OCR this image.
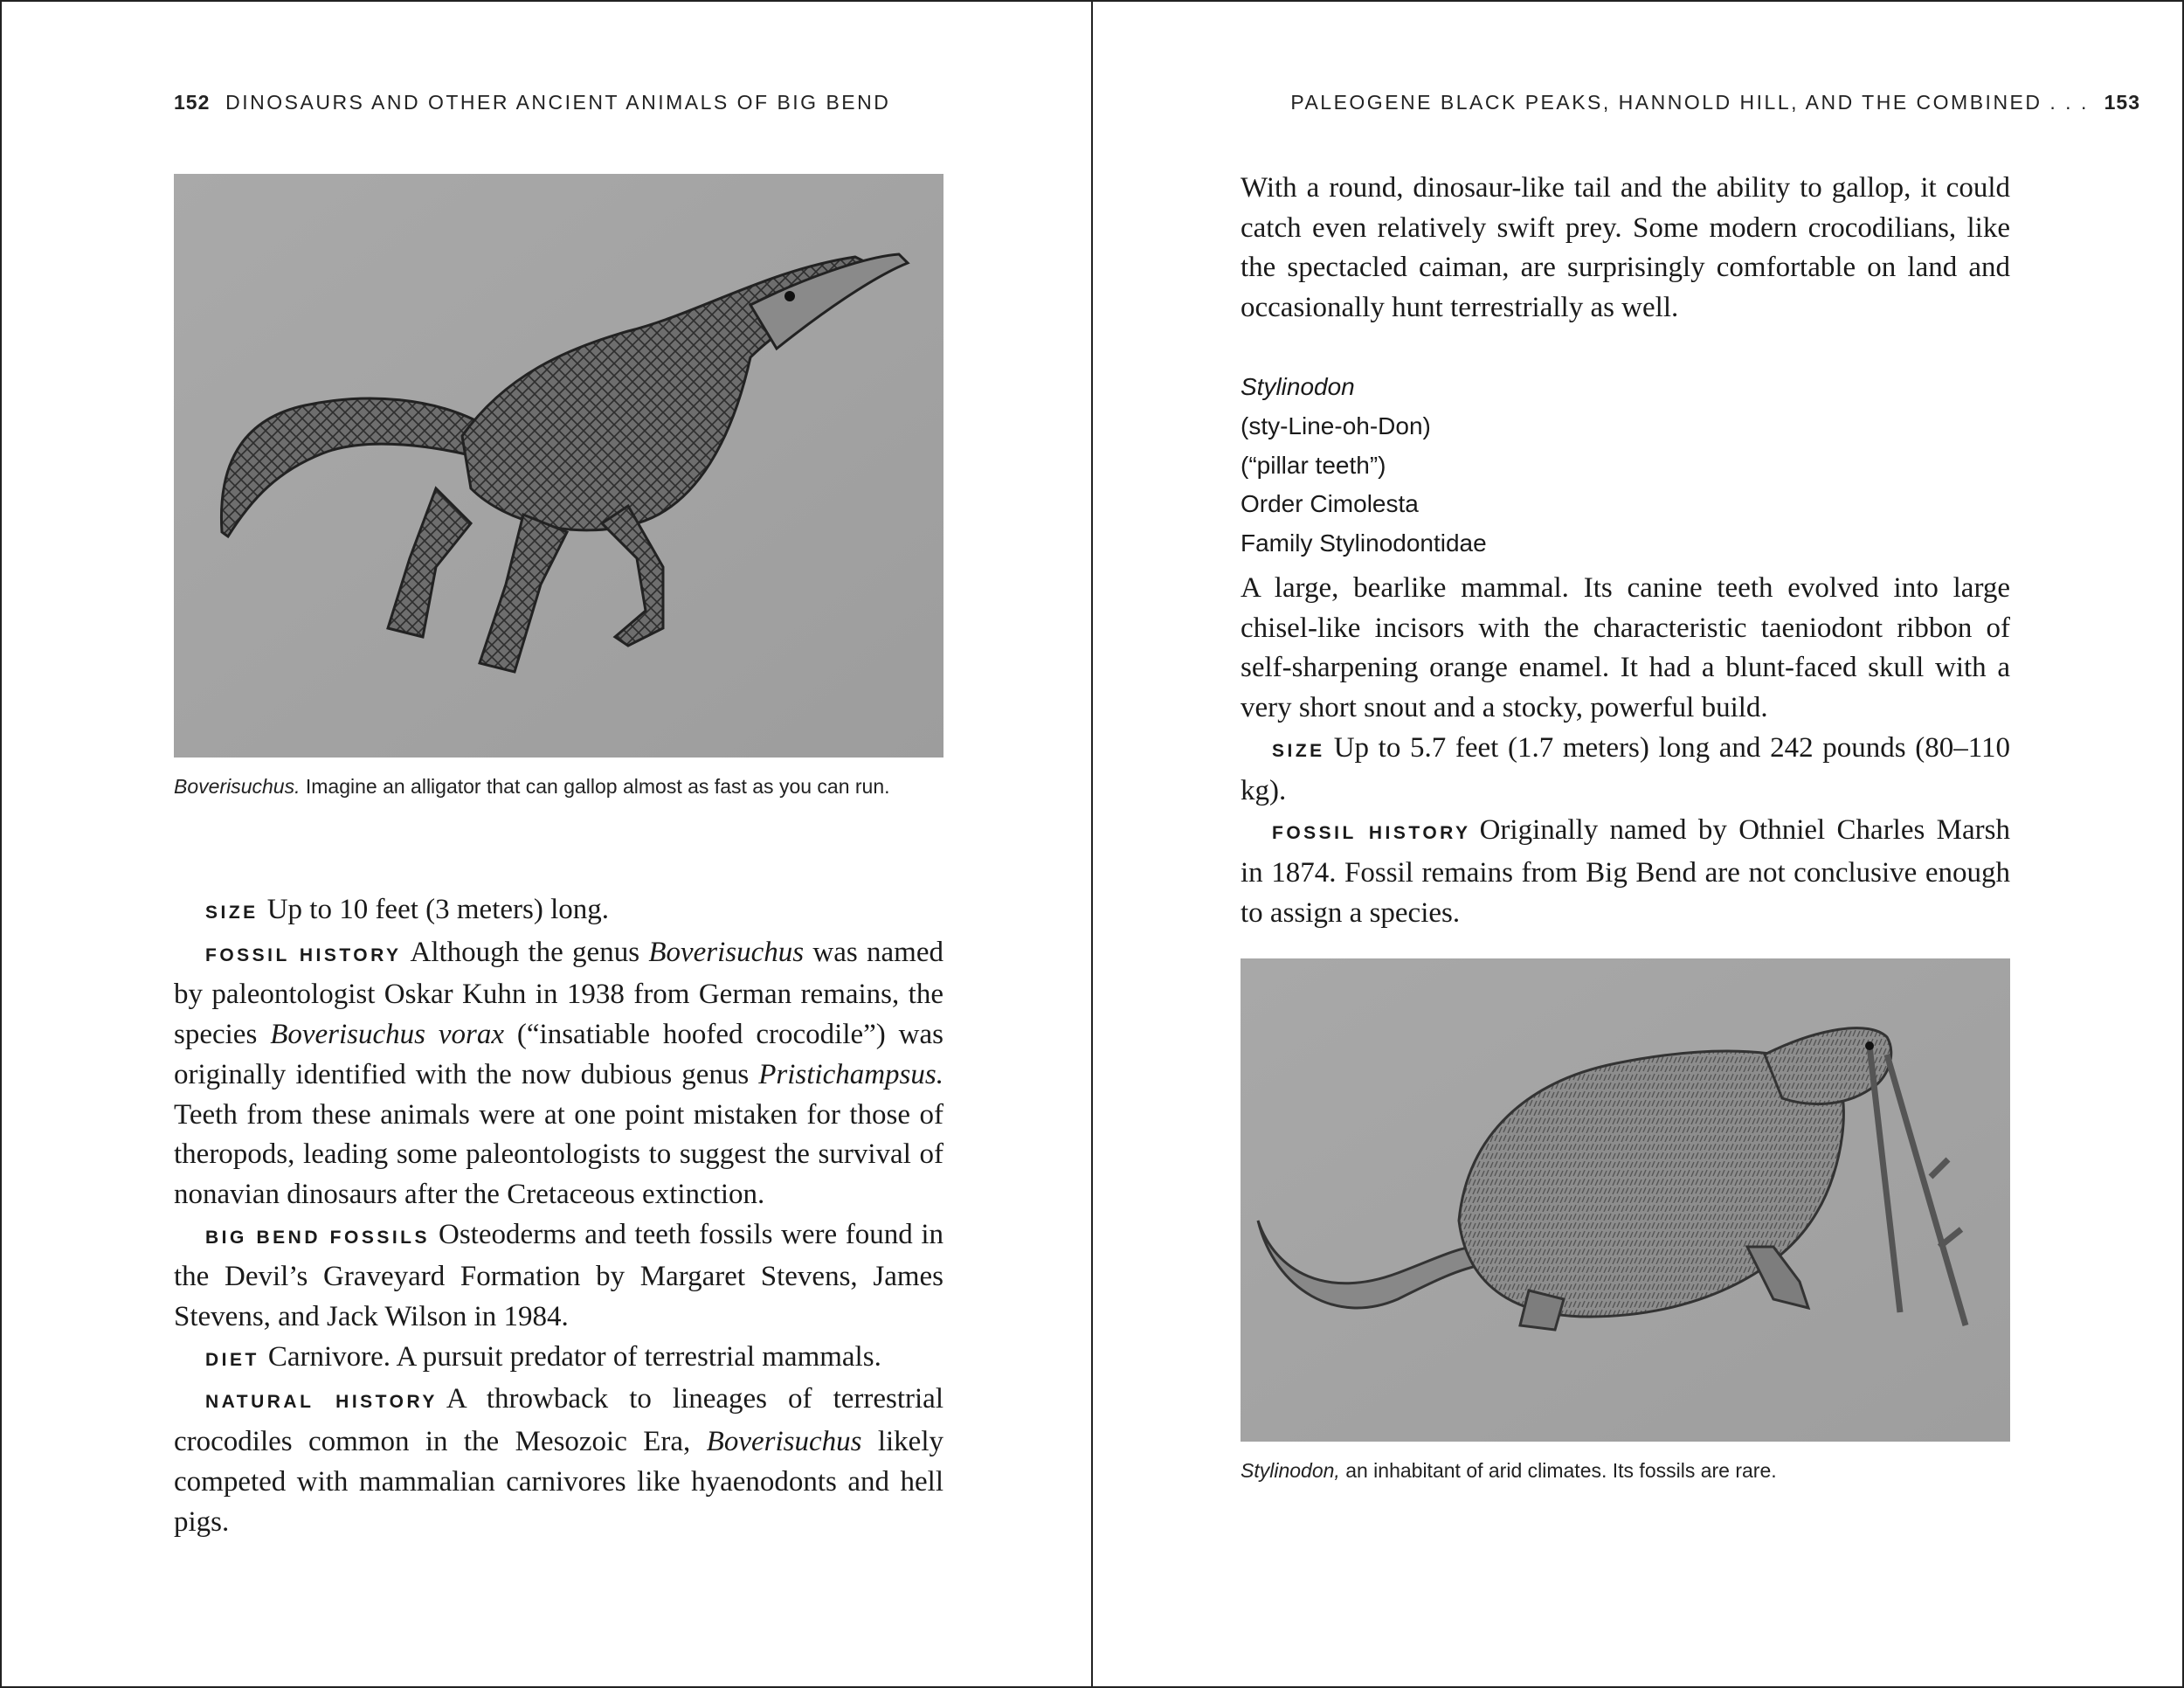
152 DINOSAURS AND OTHER ANCIENT ANIMALS OF BIG BEND
Boverisuchus. Imagine an alligator that can gallop almost as fast as you can run.

SIZE Up to 10 feet (3 meters) long.

FOSSIL HISTORY Although the genus Boverisuchus was named by paleontologist Oskar Kuhn in 1938 from German remains, the species Boverisuchus vorax (“insatiable hoofed crocodile”) was originally identified with the now dubious genus Pristichampsus. Teeth from these animals were at one point mistaken for those of theropods, leading some paleontologists to suggest the survival of nonavian dinosaurs after the Cretaceous extinction.

BIG BEND FOSSILS Osteoderms and teeth fossils were found in the Devil’s Graveyard Formation by Margaret Stevens, James Stevens, and Jack Wilson in 1984.

DIET Carnivore. A pursuit predator of terrestrial mammals.

NATURAL HISTORY A throwback to lineages of terrestrial crocodiles common in the Mesozoic Era, Boverisuchus likely competed with mammalian carnivores like hyaenodonts and hell pigs.

PALEOGENE BLACK PEAKS, HANNOLD HILL, AND THE COMBINED . . . 153

With a round, dinosaur-like tail and the ability to gallop, it could catch even relatively swift prey. Some modern crocodilians, like the spectacled caiman, are surprisingly comfortable on land and occasionally hunt terrestrially as well.

Stylinodon
(sty-Line-oh-Don)
(“pillar teeth”)
Order Cimolesta
Family Stylinodontidae

A large, bearlike mammal. Its canine teeth evolved into large chisel-like incisors with the characteristic taeniodont ribbon of self-sharpening orange enamel. It had a blunt-faced skull with a very short snout and a stocky, powerful build.

SIZE Up to 5.7 feet (1.7 meters) long and 242 pounds (80–110 kg).

FOSSIL HISTORY Originally named by Othniel Charles Marsh in 1874. Fossil remains from Big Bend are not conclusive enough to assign a species.

Stylinodon, an inhabitant of arid climates. Its fossils are rare.
